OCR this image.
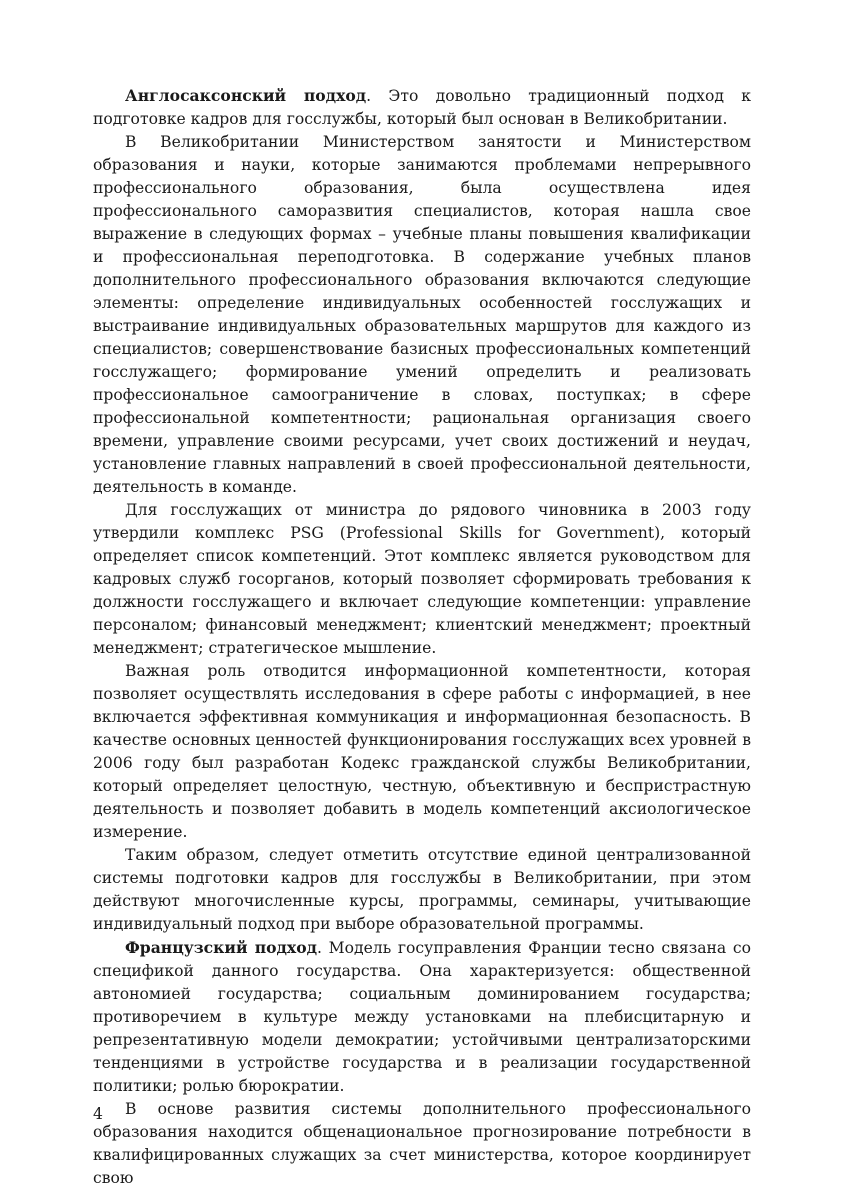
Англосаксонский подход. Это довольно традиционный подход к подготовке кадров для госслужбы, который был основан в Великобритании.

В Великобритании Министерством занятости и Министерством образования и науки, которые занимаются проблемами непрерывного профессионального образования, была осуществлена идея профессионального саморазвития специалистов, которая нашла свое выражение в следующих формах – учебные планы повышения квалификации и профессиональная переподготовка. В содержание учебных планов дополнительного профессионального образования включаются следующие элементы: определение индивидуальных особенностей госслужащих и выстраивание индивидуальных образовательных маршрутов для каждого из специалистов; совершенствование базисных профессиональных компетенций госслужащего; формирование умений определить и реализовать профессиональное самоограничение в словах, поступках; в сфере профессиональной компетентности; рациональная организация своего времени, управление своими ресурсами, учет своих достижений и неудач, установление главных направлений в своей профессиональной деятельности, деятельность в команде.

Для госслужащих от министра до рядового чиновника в 2003 году утвердили комплекс PSG (Professional Skills for Government), который определяет список компетенций. Этот комплекс является руководством для кадровых служб госорганов, который позволяет сформировать требования к должности госслужащего и включает следующие компетенции: управление персоналом; финансовый менеджмент; клиентский менеджмент; проектный менеджмент; стратегическое мышление.

Важная роль отводится информационной компетентности, которая позволяет осуществлять исследования в сфере работы с информацией, в нее включается эффективная коммуникация и информационная безопасность. В качестве основных ценностей функционирования госслужащих всех уровней в 2006 году был разработан Кодекс гражданской службы Великобритании, который определяет целостную, честную, объективную и беспристрастную деятельность и позволяет добавить в модель компетенций аксиологическое измерение.

Таким образом, следует отметить отсутствие единой централизованной системы подготовки кадров для госслужбы в Великобритании, при этом действуют многочисленные курсы, программы, семинары, учитывающие индивидуальный подход при выборе образовательной программы.

Французский подход. Модель госуправления Франции тесно связана со спецификой данного государства. Она характеризуется: общественной автономией государства; социальным доминированием государства; противоречием в культуре между установками на плебисцитарную и репрезентативную модели демократии; устойчивыми централизаторскими тенденциями в устройстве государства и в реализации государственной политики; ролью бюрократии.

В основе развития системы дополнительного профессионального образования находится общенациональное прогнозирование потребности в квалифицированных служащих за счет министерства, которое координирует свою

4
